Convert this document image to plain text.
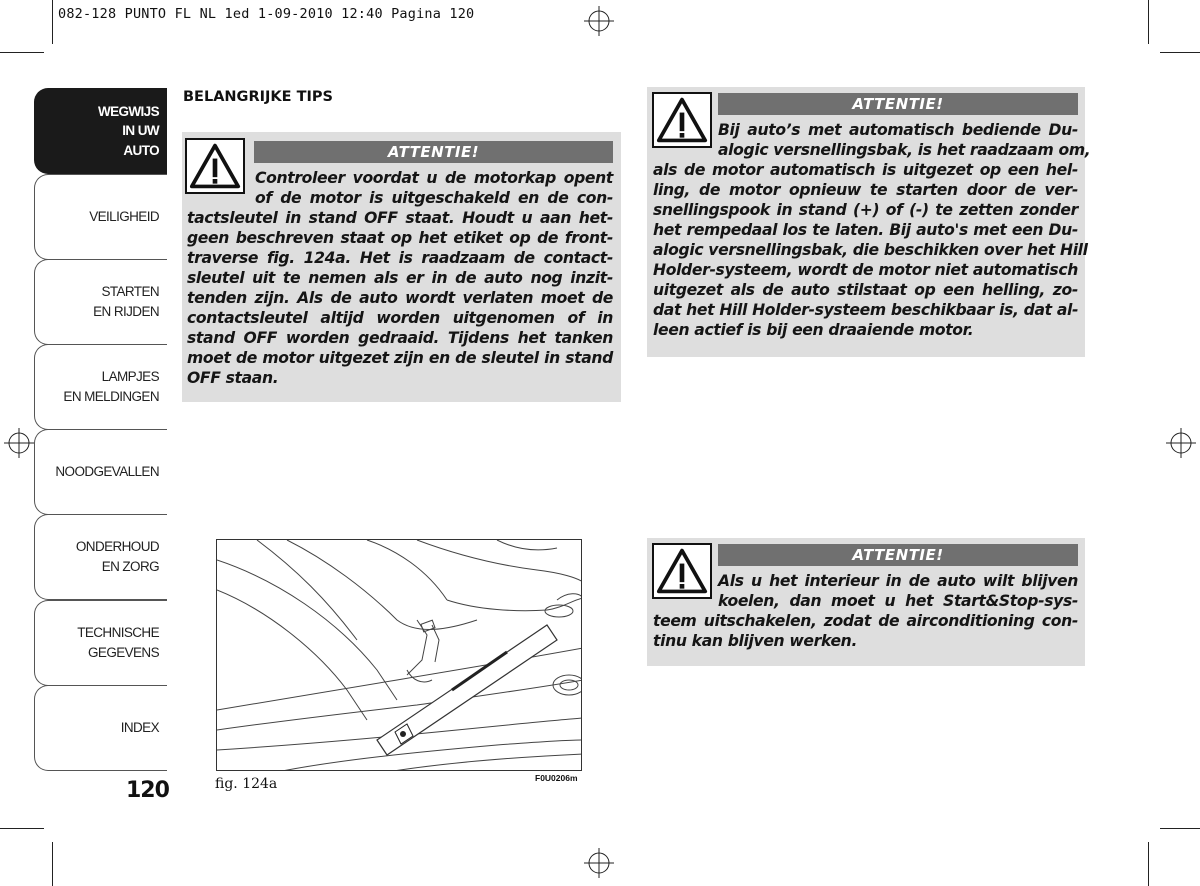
082-128 PUNTO FL NL 1ed 1-09-2010 12:40 Pagina 120
WEGWIJS
IN UW
AUTO
VEILIGHEID
STARTEN
EN RIJDEN
LAMPJES
EN MELDINGEN
NOODGEVALLEN
ONDERHOUD
EN ZORG
TECHNISCHE
GEGEVENS
INDEX
120
BELANGRIJKE TIPS
ATTENTIE!
Controleer voordat u de motorkap opent
of de motor is uitgeschakeld en de con-
tactsleutel in stand OFF staat. Houdt u aan het-
geen beschreven staat op het etiket op de front-
traverse fig. 124a. Het is raadzaam de contact-
sleutel uit te nemen als er in de auto nog inzit-
tenden zijn. Als de auto wordt verlaten moet de
contactsleutel altijd worden uitgenomen of in
stand OFF worden gedraaid. Tijdens het tanken
moet de motor uitgezet zijn en de sleutel in stand
OFF staan.
ATTENTIE!
Bij auto’s met automatisch bediende Du-
alogic versnellingsbak, is het raadzaam om,
als de motor automatisch is uitgezet op een hel-
ling, de motor opnieuw te starten door de ver-
snellingspook in stand (+) of (-) te zetten zonder
het rempedaal los te laten. Bij auto's met een Du-
alogic versnellingsbak, die beschikken over het Hill
Holder-systeem, wordt de motor niet automatisch
uitgezet als de auto stilstaat op een helling, zo-
dat het Hill Holder-systeem beschikbaar is, dat al-
leen actief is bij een draaiende motor.
ATTENTIE!
Als u het interieur in de auto wilt blijven
koelen, dan moet u het Start&Stop-sys-
teem uitschakelen, zodat de airconditioning con-
tinu kan blijven werken.
fig. 124a	F0U0206m
